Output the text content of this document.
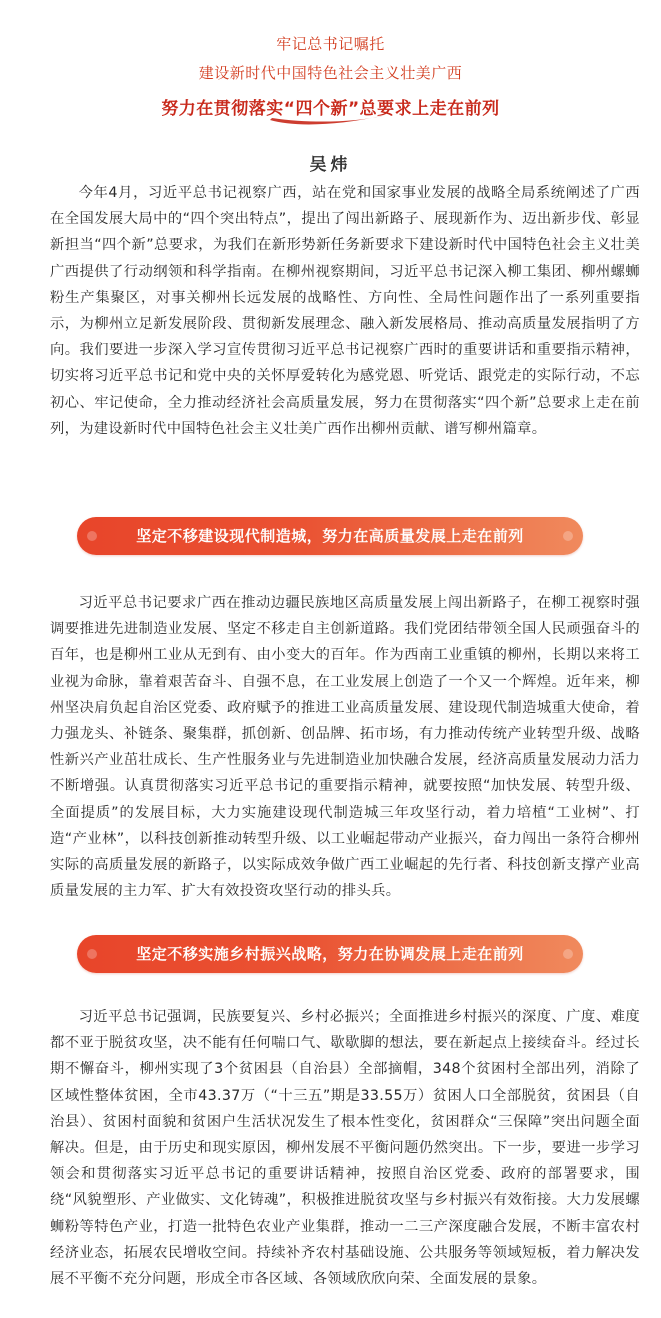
牢记总书记嘱托
建设新时代中国特色社会主义壮美广西
努力在贯彻落实“四个新”总要求上走在前列
吴炜

今年4月，习近平总书记视察广西，站在党和国家事业发展的战略全局系统阐述了广西在全国发展大局中的“四个突出特点”，提出了闯出新路子、展现新作为、迈出新步伐、彰显新担当“四个新”总要求，为我们在新形势新任务新要求下建设新时代中国特色社会主义壮美广西提供了行动纲领和科学指南。在柳州视察期间，习近平总书记深入柳工集团、柳州螺蛳粉生产集聚区，对事关柳州长远发展的战略性、方向性、全局性问题作出了一系列重要指示，为柳州立足新发展阶段、贯彻新发展理念、融入新发展格局、推动高质量发展指明了方向。我们要进一步深入学习宣传贯彻习近平总书记视察广西时的重要讲话和重要指示精神，切实将习近平总书记和党中央的关怀厚爱转化为感党恩、听党话、跟党走的实际行动，不忘初心、牢记使命，全力推动经济社会高质量发展，努力在贯彻落实“四个新”总要求上走在前列，为建设新时代中国特色社会主义壮美广西作出柳州贡献、谱写柳州篇章。

坚定不移建设现代制造城，努力在高质量发展上走在前列

习近平总书记要求广西在推动边疆民族地区高质量发展上闯出新路子，在柳工视察时强调要推进先进制造业发展、坚定不移走自主创新道路。我们党团结带领全国人民顽强奋斗的百年，也是柳州工业从无到有、由小变大的百年。作为西南工业重镇的柳州，长期以来将工业视为命脉，靠着艰苦奋斗、自强不息，在工业发展上创造了一个又一个辉煌。近年来，柳州坚决肩负起自治区党委、政府赋予的推进工业高质量发展、建设现代制造城重大使命，着力强龙头、补链条、聚集群，抓创新、创品牌、拓市场，有力推动传统产业转型升级、战略性新兴产业茁壮成长、生产性服务业与先进制造业加快融合发展，经济高质量发展动力活力不断增强。认真贯彻落实习近平总书记的重要指示精神，就要按照“加快发展、转型升级、全面提质”的发展目标，大力实施建设现代制造城三年攻坚行动，着力培植“工业树”、打造“产业林”，以科技创新推动转型升级、以工业崛起带动产业振兴，奋力闯出一条符合柳州实际的高质量发展的新路子，以实际成效争做广西工业崛起的先行者、科技创新支撑产业高质量发展的主力军、扩大有效投资攻坚行动的排头兵。

坚定不移实施乡村振兴战略，努力在协调发展上走在前列

习近平总书记强调，民族要复兴、乡村必振兴；全面推进乡村振兴的深度、广度、难度都不亚于脱贫攻坚，决不能有任何喘口气、歇歇脚的想法，要在新起点上接续奋斗。经过长期不懈奋斗，柳州实现了3个贫困县（自治县）全部摘帽，348个贫困村全部出列，消除了区域性整体贫困，全市43.37万（“十三五”期是33.55万）贫困人口全部脱贫，贫困县（自治县）、贫困村面貌和贫困户生活状况发生了根本性变化，贫困群众“三保障”突出问题全面解决。但是，由于历史和现实原因，柳州发展不平衡问题仍然突出。下一步，要进一步学习领会和贯彻落实习近平总书记的重要讲话精神，按照自治区党委、政府的部署要求，围绕“风貌塑形、产业做实、文化铸魂”，积极推进脱贫攻坚与乡村振兴有效衔接。大力发展螺蛳粉等特色产业，打造一批特色农业产业集群，推动一二三产深度融合发展，不断丰富农村经济业态，拓展农民增收空间。持续补齐农村基础设施、公共服务等领域短板，着力解决发展不平衡不充分问题，形成全市各区域、各领域欣欣向荣、全面发展的景象。
